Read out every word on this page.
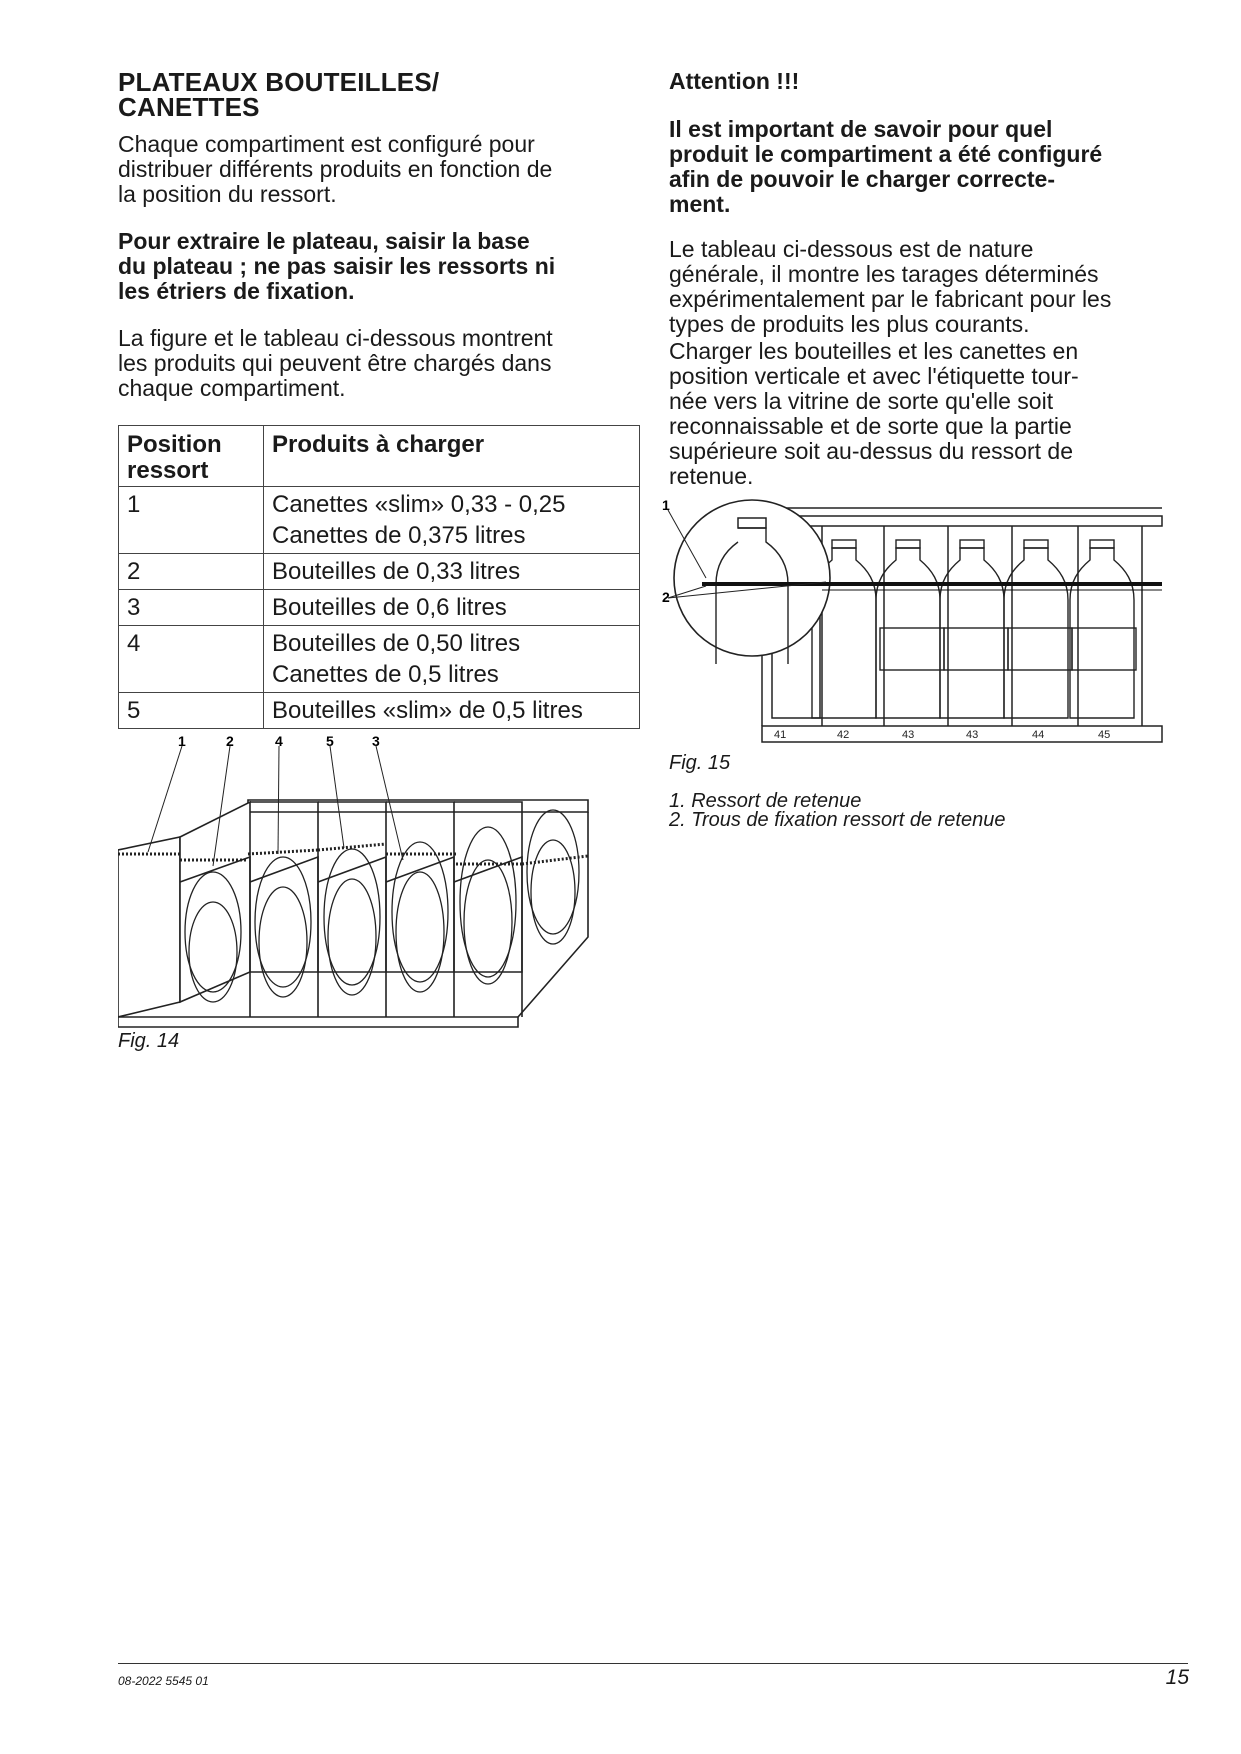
PLATEAUX BOUTEILLES/
CANETTES

Chaque compartiment est configuré pour
distribuer différents produits en fonction de
la position du ressort.

Pour extraire le plateau, saisir la base
du plateau ; ne pas saisir les ressorts ni
les étriers de fixation.

La figure et le tableau ci-dessous montrent
les produits qui peuvent être chargés dans
chaque compartiment.

Position
ressort	Produits à charger
1	Canettes «slim» 0,33 - 0,25
Canettes de 0,375 litres

2	Bouteilles de 0,33 litres

3	Bouteilles de 0,6 litres

4	Bouteilles de 0,50 litres
Canettes de 0,5 litres

5	Bouteilles «slim» de 0,5 litres
1	2	4	5	3
Fig. 14
Attention !!!

Il est important de savoir pour quel
produit le compartiment a été configuré
afin de pouvoir le charger correcte-
ment.

Le tableau ci-dessous est de nature
générale, il montre les tarages déterminés
expérimentalement par le fabricant pour les
types de produits les plus courants.

Charger les bouteilles et les canettes en
position verticale et avec l'étiquette tour-
née vers la vitrine de sorte qu'elle soit
reconnaissable et de sorte que la partie
supérieure soit au-dessus du ressort de
retenue.

1
2
41	42	43	43	44	45
Fig. 15
1. Ressort de retenue
2. Trous de fixation ressort de retenue
08-2022 5545 01	15
